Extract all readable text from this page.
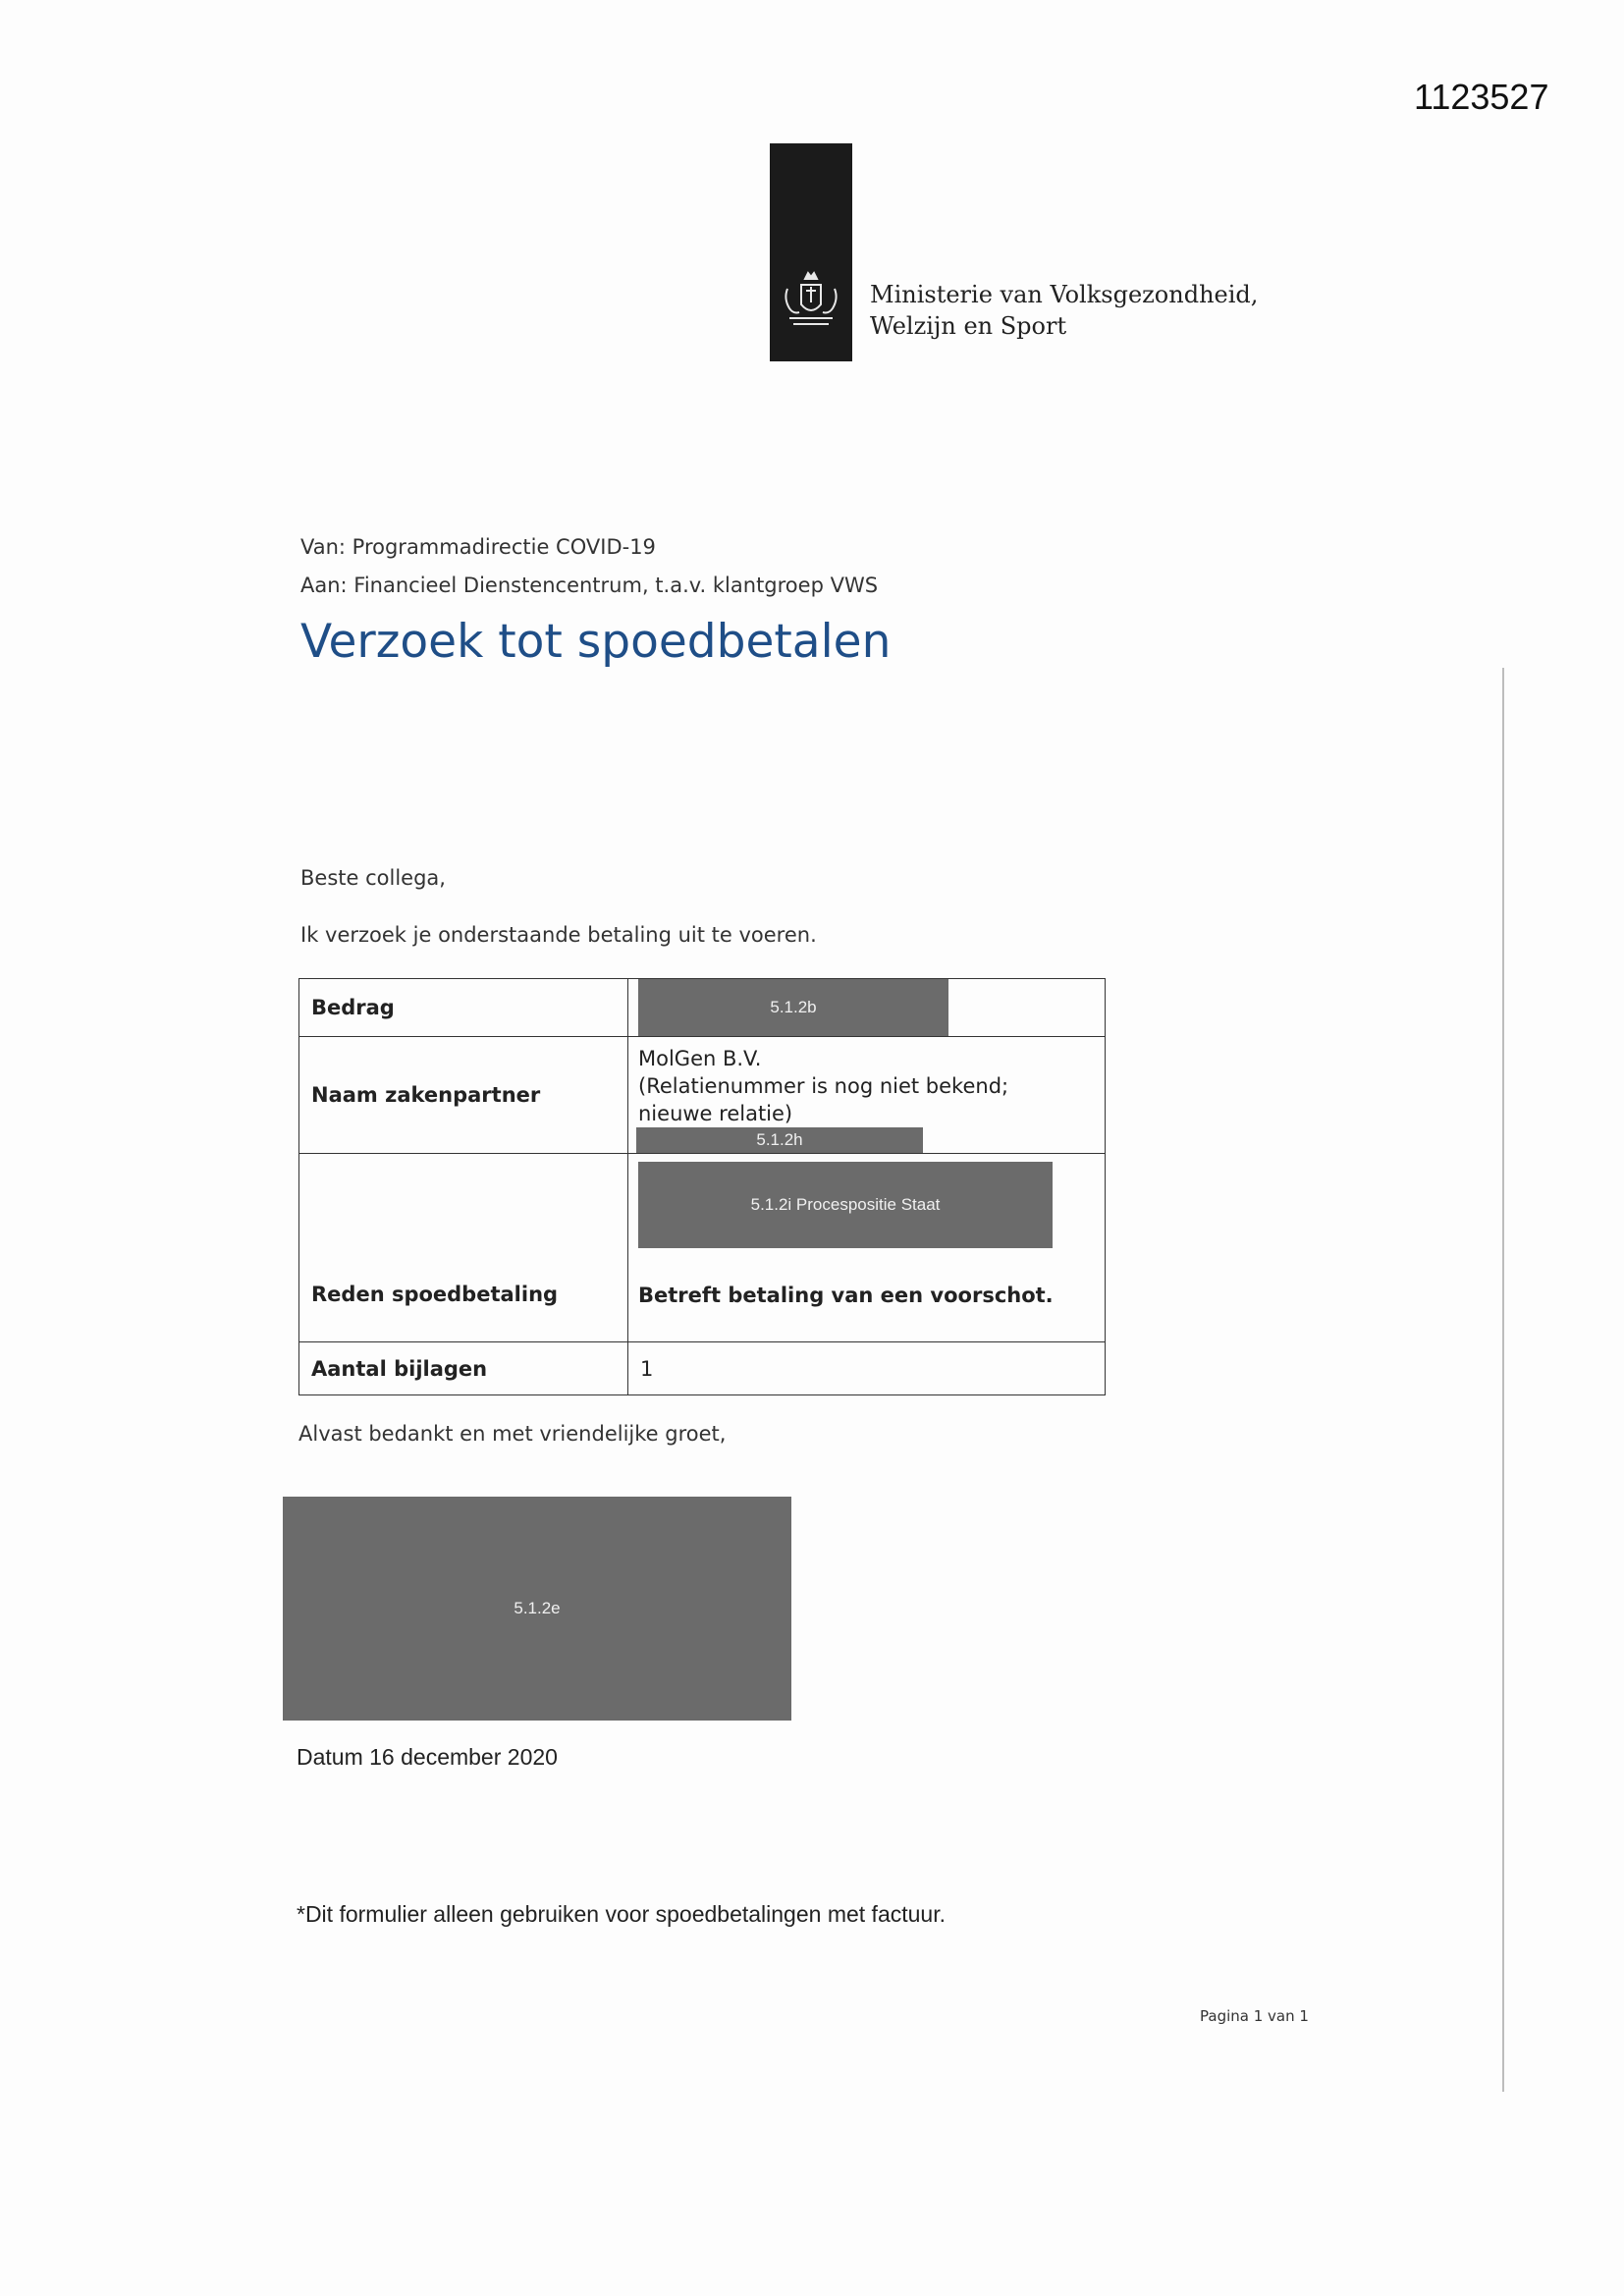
1123527
Ministerie van Volksgezondheid,
Welzijn en Sport
Van: Programmadirectie COVID-19
Aan: Financieel Dienstencentrum, t.a.v. klantgroep VWS
Verzoek tot spoedbetalen
Beste collega,
Ik verzoek je onderstaande betaling uit te voeren.
Bedrag	5.1.2b

Naam zakenpartner	MolGen B.V.
(Relatienummer is nog niet bekend;
nieuwe relatie)
5.1.2h

Reden spoedbetaling	5.1.2i Procespositie Staat
Betreft betaling van een voorschot.

Aantal bijlagen	1
Alvast bedankt en met vriendelijke groet,
5.1.2e
Datum 16 december 2020
*Dit formulier alleen gebruiken voor spoedbetalingen met factuur.
Pagina 1 van 1
